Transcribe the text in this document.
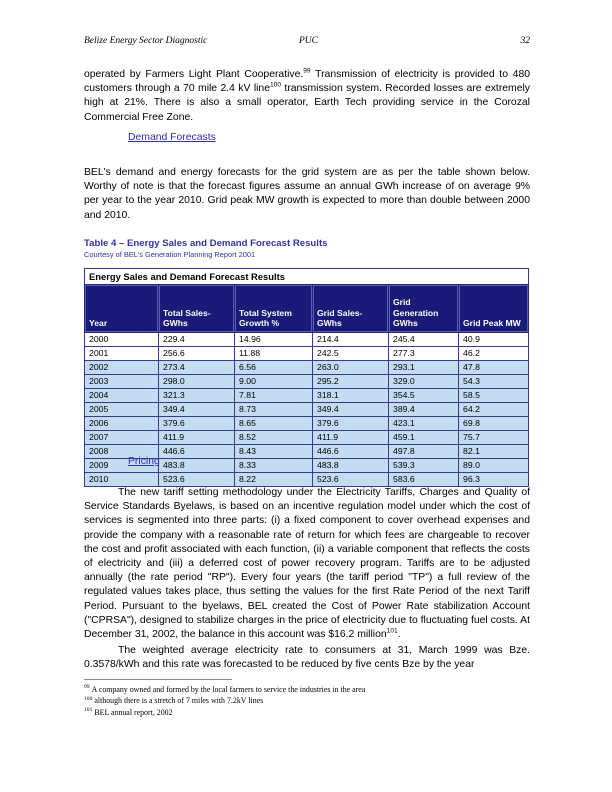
Belize Energy Sector Diagnostic	PUC	32
operated by Farmers Light Plant Cooperative.$^{99}$ Transmission of electricity is provided to 480 customers through a 70 mile 2.4 kV line$^{100}$ transmission system. Recorded losses are extremely high at 21%. There is also a small operator, Earth Tech providing service in the Corozal Commercial Free Zone.
Demand Forecasts
BEL's demand and energy forecasts for the grid system are as per the table shown below. Worthy of note is that the forecast figures assume an annual GWh increase of on average 9% per year to the year 2010. Grid peak MW growth is expected to more than double between 2000 and 2010.
Table 4 – Energy Sales and Demand Forecast Results
Courtesy of BEL's Generation Planning Report 2001
Energy Sales and Demand Forecast Results					
Year	Total Sales-GWhs	Total System Growth %	Grid Sales-GWhs	Grid Generation GWhs	Grid Peak MW
2000	229.4	14.96	214.4	245.4	40.9
2001	256.6	11.88	242.5	277.3	46.2
2002	273.4	6.56	263.0	293.1	47.8
2003	298.0	9.00	295.2	329.0	54.3
2004	321.3	7.81	318.1	354.5	58.5
2005	349.4	8.73	349.4	389.4	64.2
2006	379.6	8.65	379.6	423.1	69.8
2007	411.9	8.52	411.9	459.1	75.7
2008	446.6	8.43	446.6	497.8	82.1
2009	483.8	8.33	483.8	539.3	89.0
2010	523.6	8.22	523.6	583.6	96.3
Pricing
The new tariff setting methodology under the Electricity Tariffs, Charges and Quality of Service Standards Byelaws, is based on an incentive regulation model under which the cost of services is segmented into three parts: (i) a fixed component to cover overhead expenses and provide the company with a reasonable rate of return for which fees are chargeable to recover the cost and profit associated with each function, (ii) a variable component that reflects the costs of electricity and (iii) a deferred cost of power recovery program. Tariffs are to be adjusted annually (the rate period "RP"). Every four years (the tariff period "TP") a full review of the regulated values takes place, thus setting the values for the first Rate Period of the next Tariff Period. Pursuant to the byelaws, BEL created the Cost of Power Rate stabilization Account ("CPRSA"), designed to stabilize charges in the price of electricity due to fluctuating fuel costs. At December 31, 2002, the balance in this account was $16.2 million$^{101}$.
The weighted average electricity rate to consumers at 31, March 1999 was Bze. 0.3578/kWh and this rate was forecasted to be reduced by five cents Bze by the year
$^{99}$ A company owned and formed by the local farmers to service the industries in the area
$^{100}$ although there is a stretch of 7 miles with 7.2kV lines
$^{101}$ BEL annual report, 2002
